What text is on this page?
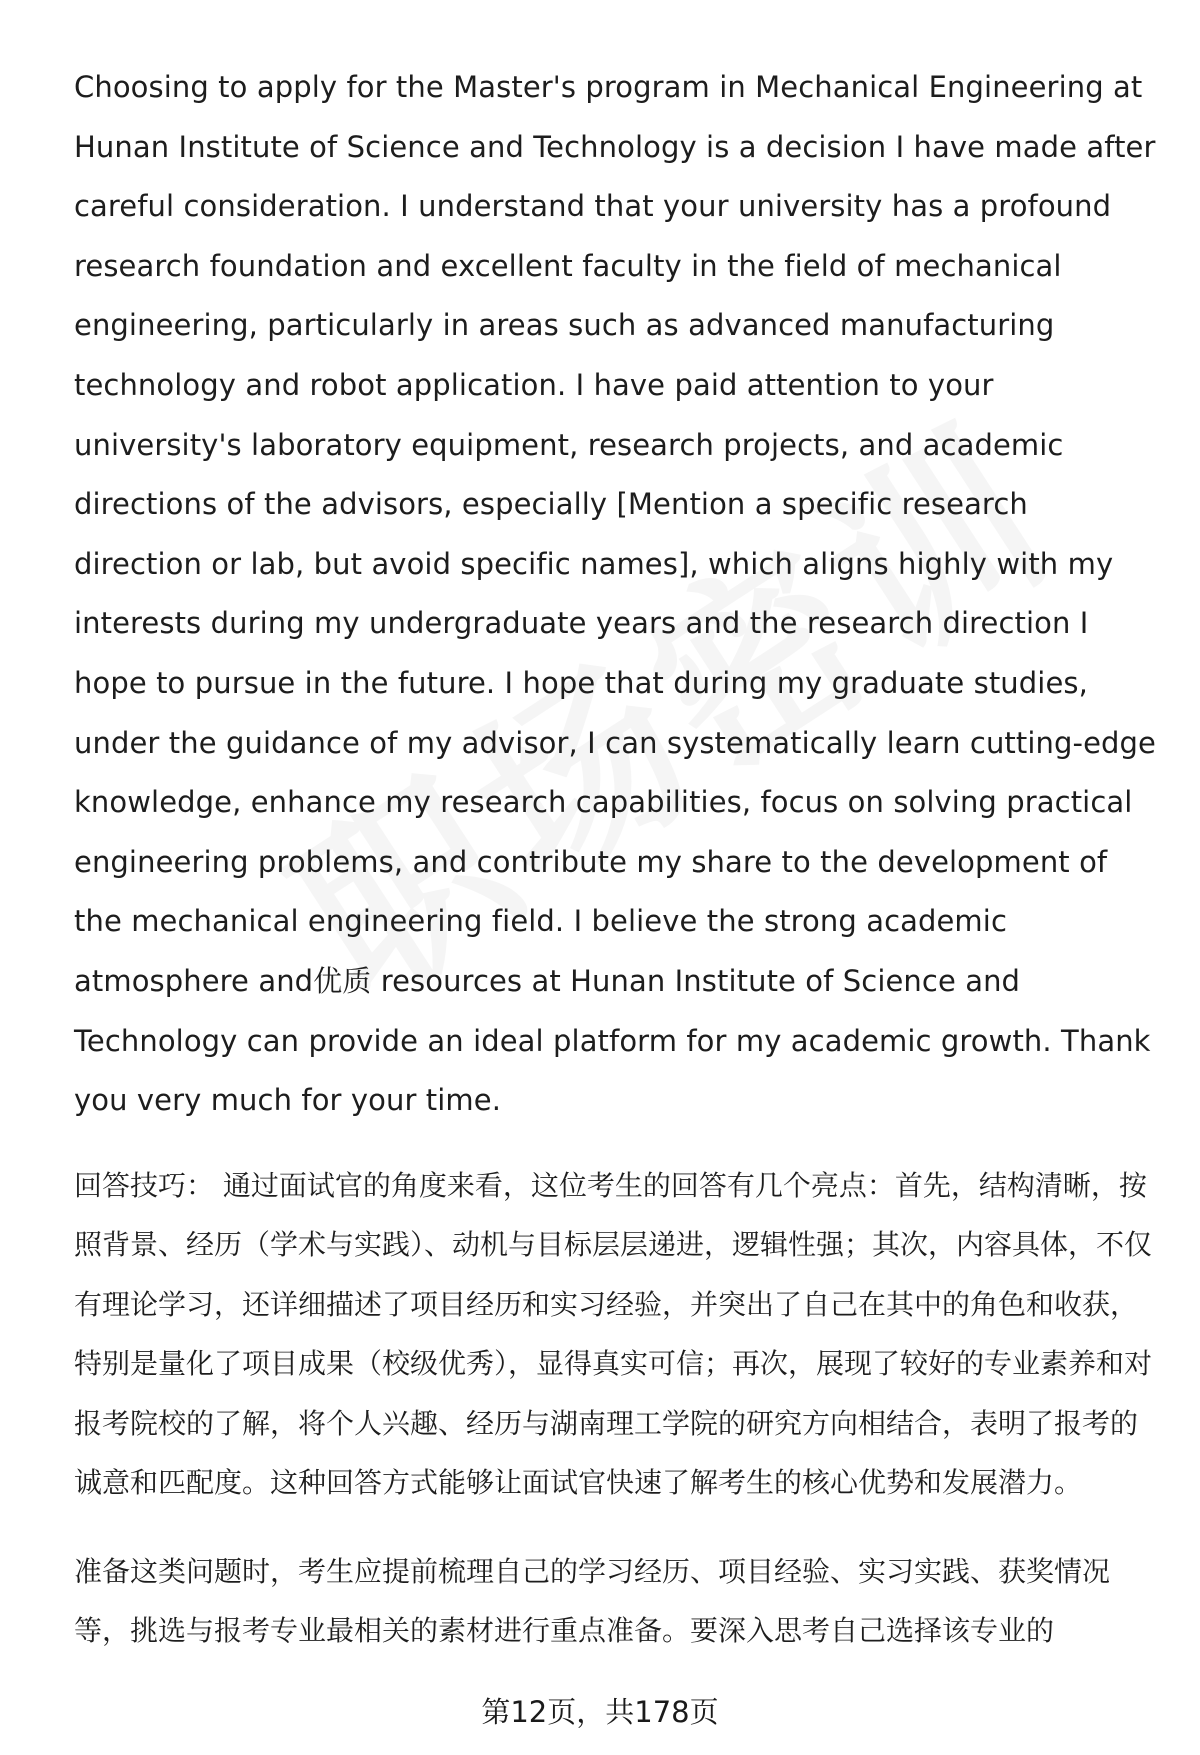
Choosing to apply for the Master's program in Mechanical Engineering at Hunan Institute of Science and Technology is a decision I have made after careful consideration. I understand that your university has a profound research foundation and excellent faculty in the field of mechanical engineering, particularly in areas such as advanced manufacturing technology and robot application. I have paid attention to your university's laboratory equipment, research projects, and academic directions of the advisors, especially [Mention a specific research direction or lab, but avoid specific names], which aligns highly with my interests during my undergraduate years and the research direction I hope to pursue in the future. I hope that during my graduate studies, under the guidance of my advisor, I can systematically learn cutting-edge knowledge, enhance my research capabilities, focus on solving practical engineering problems, and contribute my share to the development of the mechanical engineering field. I believe the strong academic atmosphere and优质 resources at Hunan Institute of Science and Technology can provide an ideal platform for my academic growth. Thank you very much for your time.

回答技巧： 通过面试官的角度来看，这位考生的回答有几个亮点：首先，结构清晰，按照背景、经历（学术与实践）、动机与目标层层递进，逻辑性强；其次，内容具体，不仅有理论学习，还详细描述了项目经历和实习经验，并突出了自己在其中的角色和收获，特别是量化了项目成果（校级优秀），显得真实可信；再次，展现了较好的专业素养和对报考院校的了解，将个人兴趣、经历与湖南理工学院的研究方向相结合，表明了报考的诚意和匹配度。这种回答方式能够让面试官快速了解考生的核心优势和发展潜力。

准备这类问题时，考生应提前梳理自己的学习经历、项目经验、实习实践、获奖情况等，挑选与报考专业最相关的素材进行重点准备。要深入思考自己选择该专业的

第12页，共178页
